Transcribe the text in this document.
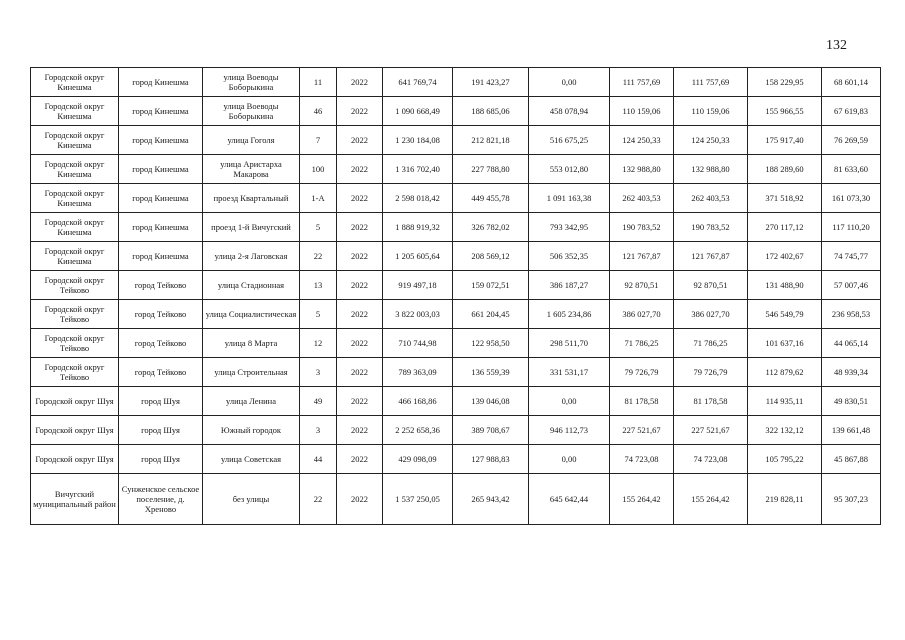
132
Городской округ Кинешма	город Кинешма	улица Воеводы Боборыкина	11	2022	641 769,74	191 423,27	0,00	111 757,69	111 757,69	158 229,95	68 601,14
Городской округ Кинешма	город Кинешма	улица Воеводы Боборыкина	46	2022	1 090 668,49	188 685,06	458 078,94	110 159,06	110 159,06	155 966,55	67 619,83
Городской округ Кинешма	город Кинешма	улица Гоголя	7	2022	1 230 184,08	212 821,18	516 675,25	124 250,33	124 250,33	175 917,40	76 269,59
Городской округ Кинешма	город Кинешма	улица Аристарха Макарова	100	2022	1 316 702,40	227 788,80	553 012,80	132 988,80	132 988,80	188 289,60	81 633,60
Городской округ Кинешма	город Кинешма	проезд Квартальный	1-А	2022	2 598 018,42	449 455,78	1 091 163,38	262 403,53	262 403,53	371 518,92	161 073,30
Городской округ Кинешма	город Кинешма	проезд 1-й Вичугский	5	2022	1 888 919,32	326 782,02	793 342,95	190 783,52	190 783,52	270 117,12	117 110,20
Городской округ Кинешма	город Кинешма	улица 2-я Лаговская	22	2022	1 205 605,64	208 569,12	506 352,35	121 767,87	121 767,87	172 402,67	74 745,77
Городской округ Тейково	город Тейково	улица Стадионная	13	2022	919 497,18	159 072,51	386 187,27	92 870,51	92 870,51	131 488,90	57 007,46
Городской округ Тейково	город Тейково	улица Социалистическая	5	2022	3 822 003,03	661 204,45	1 605 234,86	386 027,70	386 027,70	546 549,79	236 958,53
Городской округ Тейково	город Тейково	улица 8 Марта	12	2022	710 744,98	122 958,50	298 511,70	71 786,25	71 786,25	101 637,16	44 065,14
Городской округ Тейково	город Тейково	улица Строительная	3	2022	789 363,09	136 559,39	331 531,17	79 726,79	79 726,79	112 879,62	48 939,34
Городской округ Шуя	город Шуя	улица Ленина	49	2022	466 168,86	139 046,08	0,00	81 178,58	81 178,58	114 935,11	49 830,51
Городской округ Шуя	город Шуя	Южный городок	3	2022	2 252 658,36	389 708,67	946 112,73	227 521,67	227 521,67	322 132,12	139 661,48
Городской округ Шуя	город Шуя	улица Советская	44	2022	429 098,09	127 988,83	0,00	74 723,08	74 723,08	105 795,22	45 867,88
Вичугский муниципальный район	Сунженское сельское поселение, д. Хреново	без улицы	22	2022	1 537 250,05	265 943,42	645 642,44	155 264,42	155 264,42	219 828,11	95 307,23
